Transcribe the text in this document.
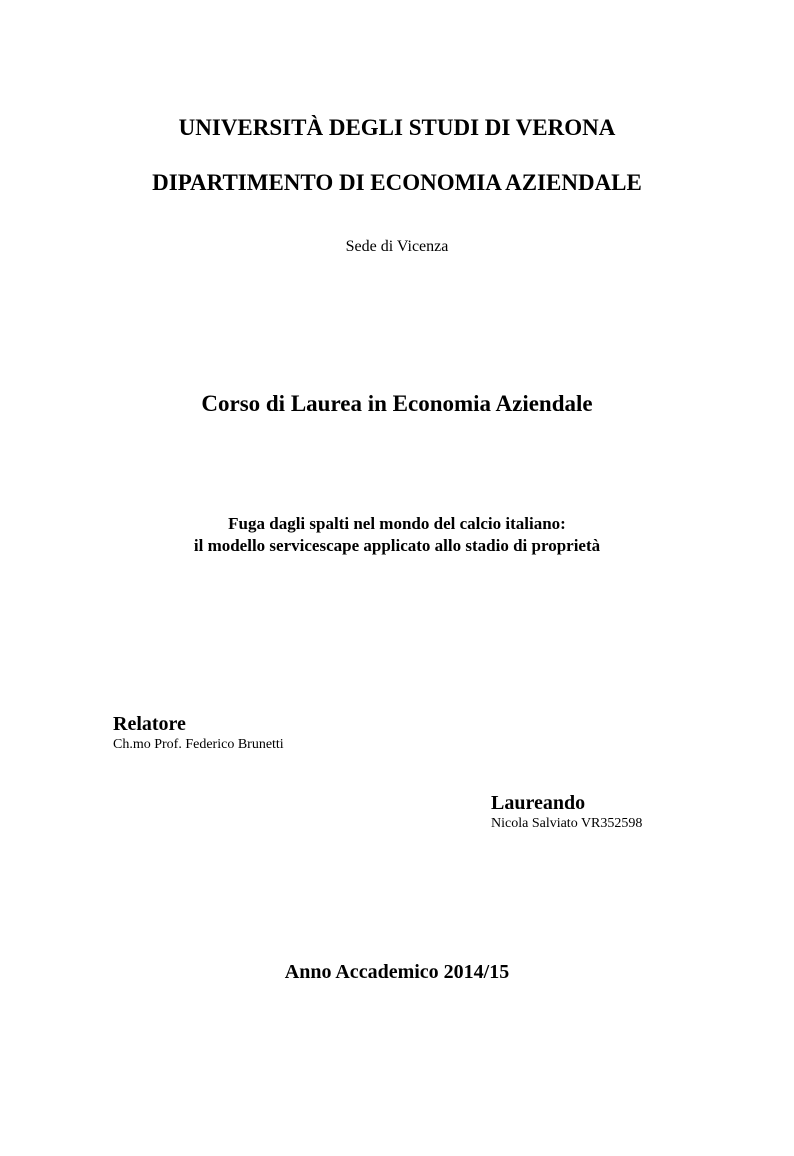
UNIVERSITÀ DEGLI STUDI DI VERONA
DIPARTIMENTO DI ECONOMIA AZIENDALE
Sede di Vicenza
Corso di Laurea in Economia Aziendale
Fuga dagli spalti nel mondo del calcio italiano:
il modello servicescape applicato allo stadio di proprietà
Relatore
Ch.mo Prof. Federico Brunetti
Laureando
Nicola Salviato VR352598
Anno Accademico 2014/15
